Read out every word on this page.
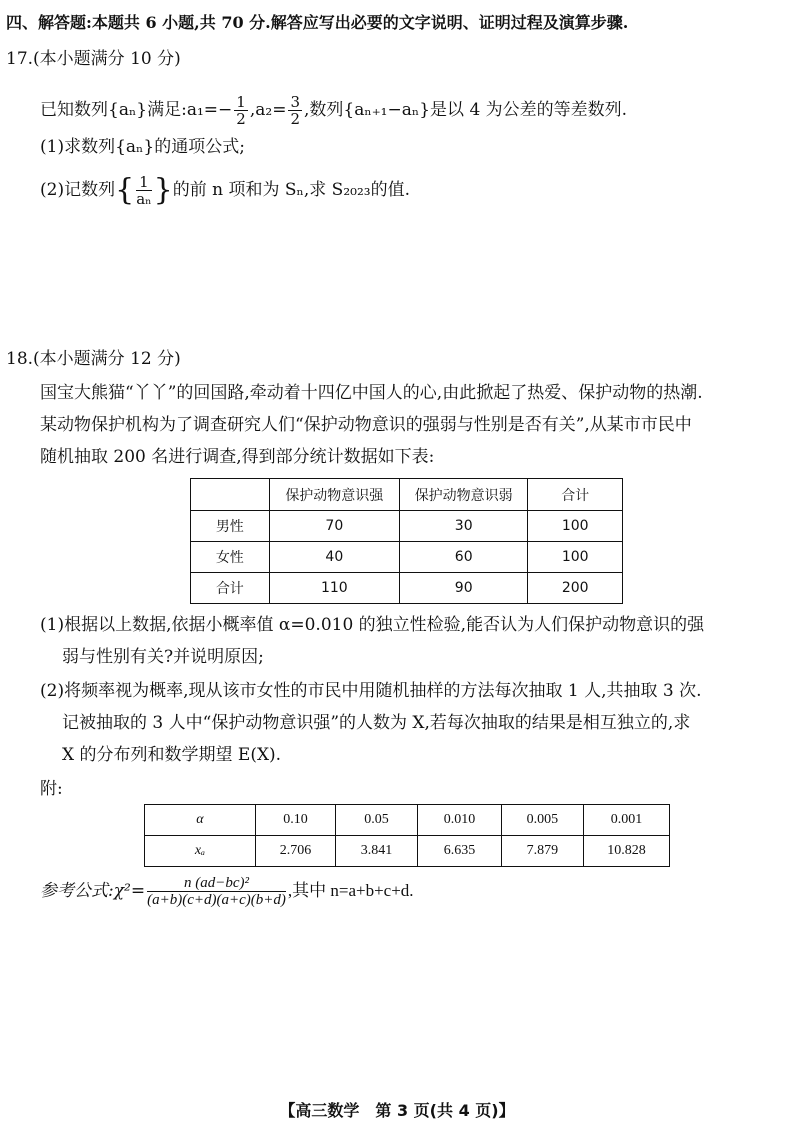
四、解答题:本题共 6 小题,共 70 分.解答应写出必要的文字说明、证明过程及演算步骤.
17.(本小题满分 10 分)
已知数列{aₙ}满足:a₁=− $\frac{1}{2} ,a_2= \frac{3}{2}$ ,数列{aₙ₊₁−aₙ}是以 4 为公差的等差数列.
(1)求数列{aₙ}的通项公式;
(2)记数列{ $\frac{1}{\text{aₙ}}$ }的前 n 项和为 Sₙ,求 S₂₀₂₃的值.
18.(本小题满分 12 分)
国宝大熊猫“丫丫”的回国路,牵动着十四亿中国人的心,由此掀起了热爱、保护动物的热潮.
某动物保护机构为了调查研究人们“保护动物意识的强弱与性别是否有关”,从某市市民中
随机抽取 200 名进行调查,得到部分统计数据如下表:
	保护动物意识强	保护动物意识弱	合计
男性	70	30	100
女性	40	60	100
合计	110	90	200
(1)根据以上数据,依据小概率值 α=0.010 的独立性检验,能否认为人们保护动物意识的强
弱与性别有关?并说明原因;
(2)将频率视为概率,现从该市女性的市民中用随机抽样的方法每次抽取 1 人,共抽取 3 次.
记被抽取的 3 人中“保护动物意识强”的人数为 X,若每次抽取的结果是相互独立的,求
X 的分布列和数学期望 E(X).
附:
α	0.10	0.05	0.010	0.005	0.001
xₐ	2.706	3.841	6.635	7.879	10.828
参考公式:χ²= $\frac{\text{n (ad−bc)²}}{(a+b)(c+d)(a+c)(b+d)}$ ,其中 n=a+b+c+d.
【高三数学　第 3 页(共 4 页)】
